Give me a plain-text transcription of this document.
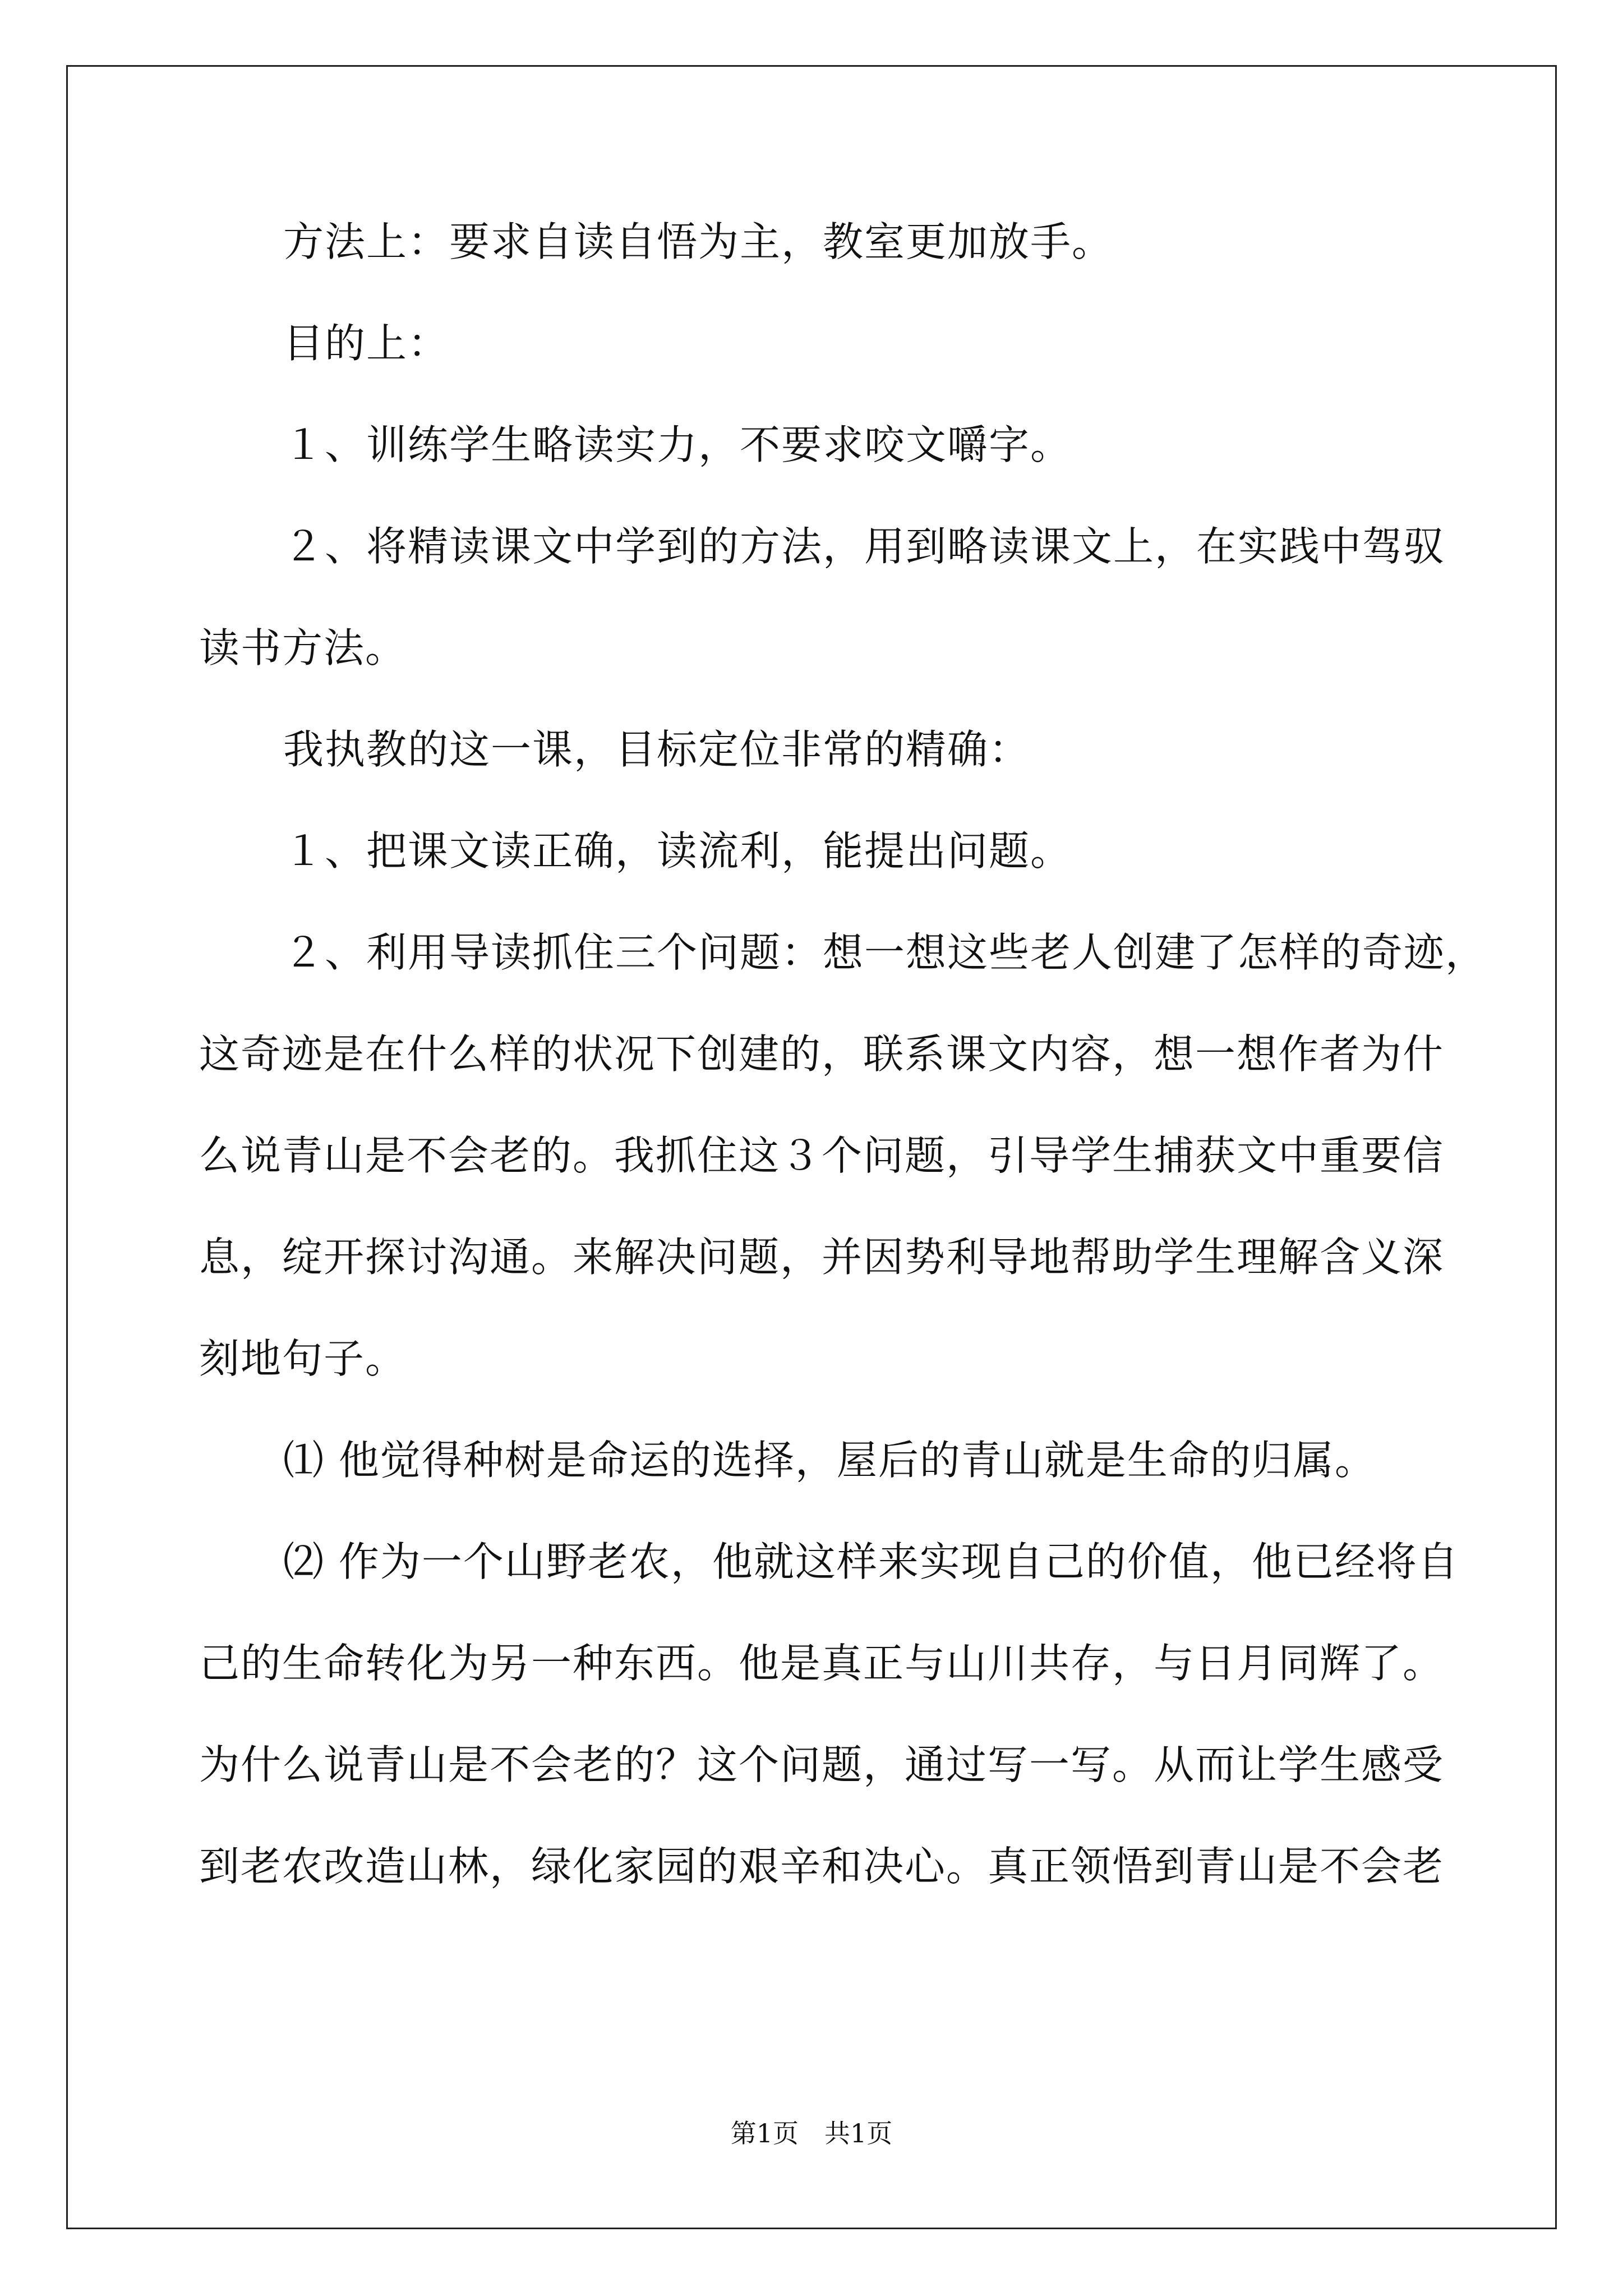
方法上：要求自读自悟为主，教室更加放手。
目的上：
１、训练学生略读实力，不要求咬文嚼字。
２、将精读课文中学到的方法，用到略读课文上，在实践中驾驭
读书方法。
我执教的这一课，目标定位非常的精确：
１、把课文读正确，读流利，能提出问题。
２、利用导读抓住三个问题：想一想这些老人创建了怎样的奇迹，
这奇迹是在什么样的状况下创建的，联系课文内容，想一想作者为什
么说青山是不会老的。我抓住这３个问题，引导学生捕获文中重要信
息，绽开探讨沟通。来解决问题，并因势利导地帮助学生理解含义深
刻地句子。
⑴ 他觉得种树是命运的选择，屋后的青山就是生命的归属。
⑵ 作为一个山野老农，他就这样来实现自己的价值，他已经将自
己的生命转化为另一种东西。他是真正与山川共存，与日月同辉了。
为什么说青山是不会老的？这个问题，通过写一写。从而让学生感受
到老农改造山林，绿化家园的艰辛和决心。真正领悟到青山是不会老
第1页　共1页
